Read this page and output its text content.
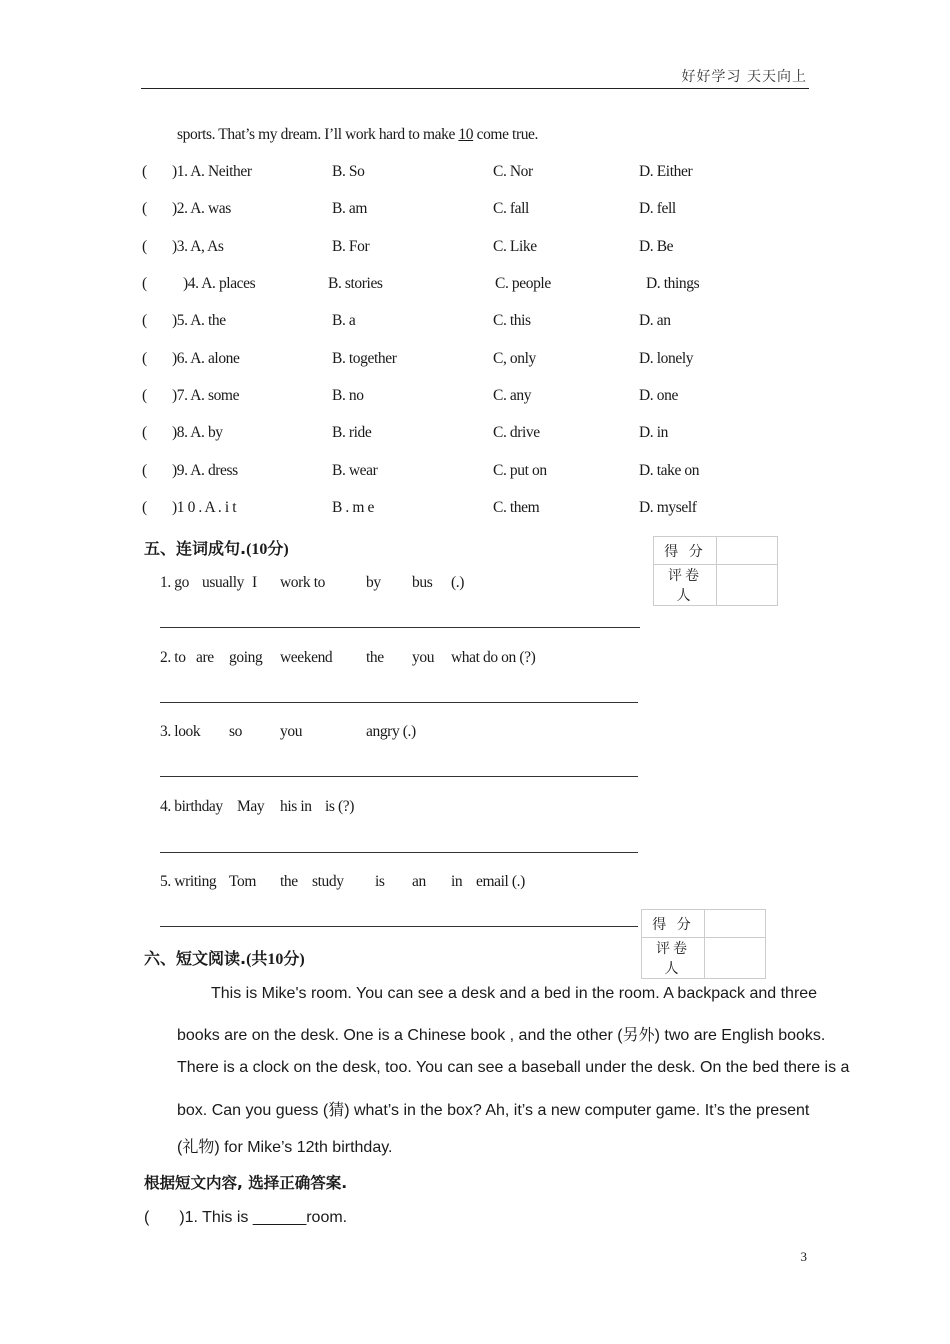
好好学习 天天向上
sports. That’s my dream. I’ll work hard to make 10 come true.
( )1. A. Neither	B. So	C. Nor	D. Either
( )2. A. was	B. am	C. fall	D. fell
( )3. A, As	B. For	C. Like	D. Be
( )4. A. places	B. stories	C. people	D. things
( )5. A. the	B. a	C. this	D. an
( )6. A. alone	B. together	C, only	D. lonely
( )7. A. some	B. no	C. any	D. one
( )8. A. by	B. ride	C. drive	D. in
( )9. A. dress	B. wear	C. put on	D. take on
( )1 0 . A . i t	B . m e	C. them	D. myself
五、连词成句.(10分)	得 分	
评卷人	
1. go usually I work to	by bus (.)
2. to are going weekend the you what do on (?)
3. look so you	angry (.)
4. birthday May his in is (?)
5. writing Tom the study is an in email (.)
得 分	
评卷人	
六、短文阅读.(共10分)
This is Mike's room. You can see a desk and a bed in the room. A backpack and three
books are on the desk. One is a Chinese book , and the other (另外) two are English books.
There is a clock on the desk, too. You can see a baseball under the desk. On the bed there is a
box. Can you guess (猜) what’s in the box? Ah, it’s a new computer game. It’s the present
(礼物) for Mike’s 12th birthday.
根据短文内容, 选择正确答案.
( )1. This is ______room.
3
